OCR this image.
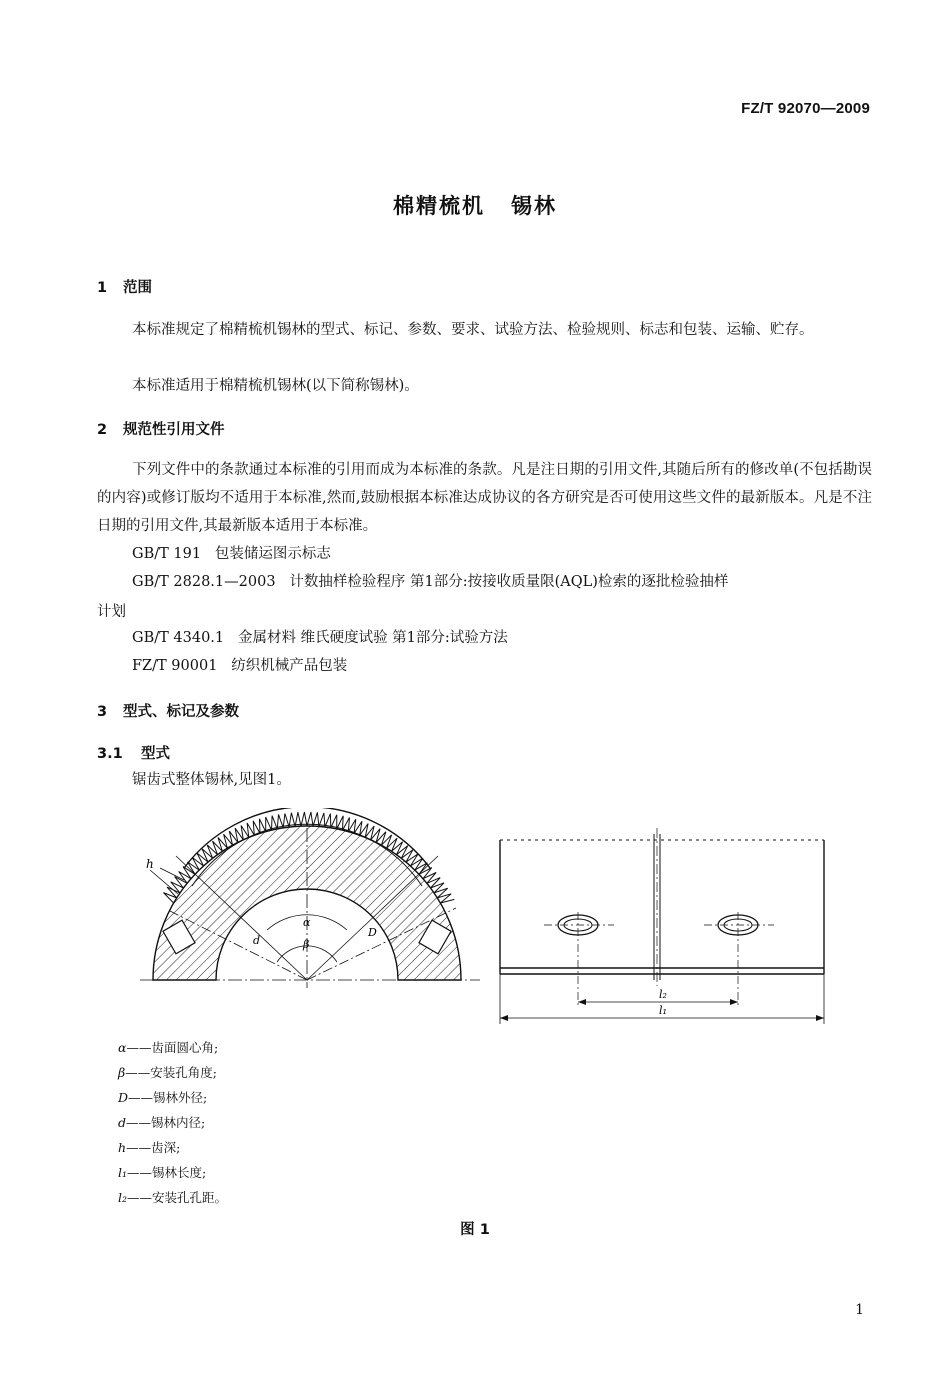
FZ/T 92070—2009
棉精梳机 锡林
1 范围
本标准规定了棉精梳机锡林的型式、标记、参数、要求、试验方法、检验规则、标志和包装、运输、贮存。
本标准适用于棉精梳机锡林(以下简称锡林)。
2 规范性引用文件
下列文件中的条款通过本标准的引用而成为本标准的条款。凡是注日期的引用文件,其随后所有的修改单(不包括勘误的内容)或修订版均不适用于本标准,然而,鼓励根据本标准达成协议的各方研究是否可使用这些文件的最新版本。凡是不注日期的引用文件,其最新版本适用于本标准。
GB/T 191 包装储运图示标志
GB/T 2828.1—2003 计数抽样检验程序 第1部分:按接收质量限(AQL)检索的逐批检验抽样
计划
GB/T 4340.1 金属材料 维氏硬度试验 第1部分:试验方法
FZ/T 90001 纺织机械产品包装
3 型式、标记及参数
3.1 型式
锯齿式整体锡林,见图1。
h
α
β
d
D
l₂
l₁
α——齿面圆心角;
β——安装孔角度;
D——锡林外径;
d——锡林内径;
h——齿深;
l₁——锡林长度;
l₂——安装孔孔距。
图 1
1
